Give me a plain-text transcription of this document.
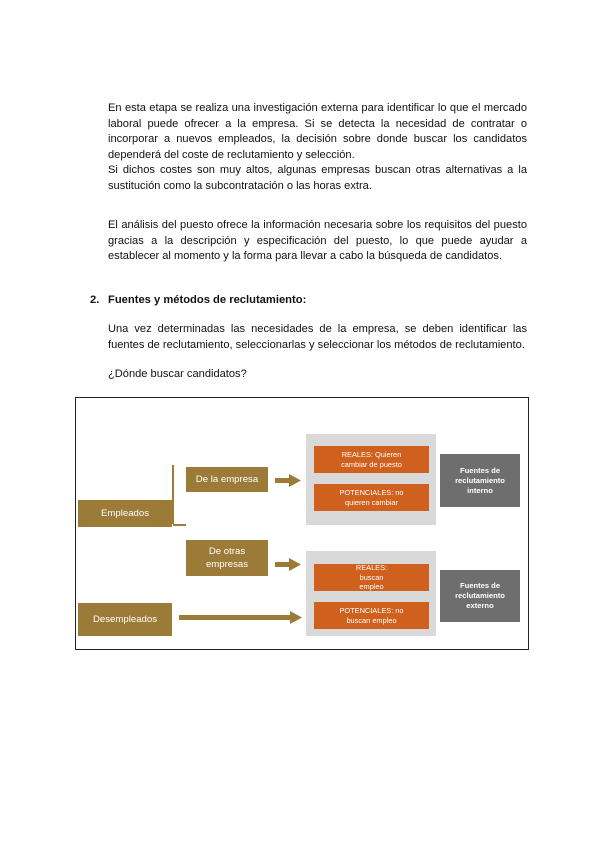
En esta etapa se realiza una investigación externa para identificar lo que el mercado laboral puede ofrecer a la empresa. Si se detecta la necesidad de contratar o incorporar a nuevos empleados, la decisión sobre donde buscar los candidatos dependerá del coste de reclutamiento y selección.

Si dichos costes son muy altos, algunas empresas buscan otras alternativas a la sustitución como la subcontratación o las horas extra.

El análisis del puesto ofrece la información necesaria sobre los requisitos del puesto gracias a la descripción y especificación del puesto, lo que puede ayudar a establecer al momento y la forma para llevar a cabo la búsqueda de candidatos.

2. Fuentes y métodos de reclutamiento:

Una vez determinadas las necesidades de la empresa, se deben identificar las fuentes de reclutamiento, seleccionarlas y seleccionar los métodos de reclutamiento.

¿Dónde buscar candidatos?

Empleados
De la empresa
De otras empresas
Desempleados
REALES: Quieren cambiar de puesto
POTENCIALES: no quieren cambiar
REALES: buscan empleo
POTENCIALES: no buscan empleo
Fuentes de reclutamiento interno
Fuentes de reclutamiento externo
